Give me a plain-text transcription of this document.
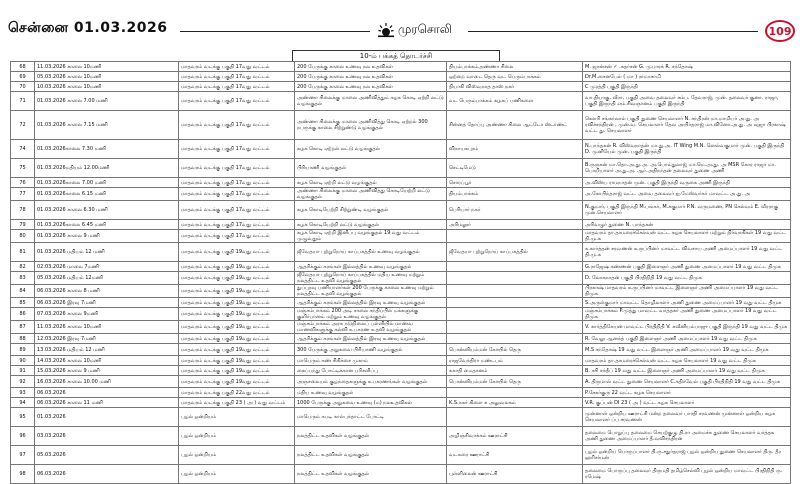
சென்னை 01.03.2026	முரசொலி	109
10-ம் பக்கத் தொடர்ச்சி
68	11.03.2026 காலை 10மணி	மாதவரம் வடக்கு பகுதி 17வது வட்டம்	200 பேருக்கு காலை உணவு நல உதவிகள்	தியம்பாக்கம்அண்ணா சிலை	M. ஜான்சன் ✓ .சுதர்சன் G. முபாரக் R. சந்தோஷ்
69	05.03.2026 காலை 10மணி	மாதவரம் வடக்கு பகுதி 17வது வட்டம்	200 பேருக்கு காலை உணவு நல உதவிகள்	ஒற்றை வாடை தெரு வட பெரும்பாக்கம்	Dr.M.சைனபேல் ( மா ) ராமாசாமி
70	10.03.2026 காலை 10மணி	மாதவரம் வடக்கு பகுதி 17வது வட்டம்	200 பேருக்கு காலை உணவு நல உதவிகள்	தியாகி விஸ்வநாத தாஸ் நகர்	C முரத்தி பகுதி இருந்தி
71	01.03.2026 காலை 7.00 மணி	மாதவரம் வடக்கு பகுதி 17வது வட்டம்	அண்ணா சிலைக்கு மாலை அணிவித்தும் கழக கொடி ஏற்றி லட்டு வழங்குதல்	வட பெரும்பாக்கம் கழகப் பணிகளை	வா.தியாகு, வீரா, பகுதி அவை தலைவர் சம்ப. தேவராஜ், முன். தலைவர் குனா. ராஜா, பகுதி இருந்தி எம்.சிவஞானம் பகுதி இருந்தி
72	01.03.2026 காலை 7.15 மணி	மாதவரம் வடக்கு பகுதி 17வது வட்டம்	அண்ணா சிலைக்கு மாலை அணிவித்து கொடி ஏற்றல் 300 நபருக்கு காலை சிற்றுண்டு வழங்குதல்	சின்னத் தோப்பு அண்ணா சிலை ஆட்டோ ஸ்டாண்ட்	கௌரி சங்கர்லால் பகுதி துணை செயலாளர் N. சந்திரன் மா.மாமியர் அ.து. அ ரவிச்சந்திரன் , முன்.வ. செயலாளர் தேவ அயிர்தராஜ் மா.வினோ.அ.து. அ வுஜா பிரகாஷ் வட்ட து. செயலாளர்
74	01.03.2026காலை 7.30 மணி	மாதவரம் வடக்கு பகுதி 17வது வட்டம்	கழக கொடி ஏற்றல் லட்டு வழங்குதல்	விநாயகபுரம்	N.பாந்தகன் R. விஸ்வநாதன் மா.து.அ. IT Wing M.N. ஸெல்வகுமார் முன். பகுதி இருந்தி D. முனியேல் முன். பகுதி இருந்தி
75	01.03.2026மதியம் 12.00மணி	மாதவரம் வடக்கு பகுதி 17வது வட்டம்	பிரியாணி வழங்குதல்	செட்டிமேடு	B.ருருகன் மா.தொ.அ.து.அ. அ.பொம்துலாஜ் மா.மெ.அ.து. அ MSR கோர ராஜா மா. பொறியாளர் அ.து.அ. ஆர்.அதிநந்தன் தலைவர் துணை அணி
76	01.03.2026காலை 7.00 மணி	மாதவரம் வடக்கு பகுதி 17வது வட்டம்	கழக கொடி ஏற்றி லட்டு வழங்குதல்	சொரப்பூர்	அ.விஸ்ய ராமநாதன் முன். பகுதி இருந்தி வருகை அணி இருந்தி
77	01.03.2026காலை 6.15 மணி	மாதவரம் வடக்கு பகுதி 17வது வட்டம்	அண்ணா சிலைக்கு மாலை அணிவித்து கொடியேற்றி லட்டு வழங்குதல்	தியம்பாக்கம்	அ.கோபிந்தராஜ் வட்ட அவை தலைவர் ஐ.மேஸ்வர்கர் மாவட்ட அ.து. அ
78	01.03.2026 காலை 6.30 மணி	மாதவரம் வடக்கு பகுதி 17வது வட்டம்	கழக கொடியேற்றி சிற்றுண்டி வழங்குதல்	பெரியார் நகர்	N.குமார், பகுதி இருந்தி M.பங்கர், M.சுகுமார் P.N. வருமணை, PN செல்வம் E. வீரராகு முன்.செயலாளர்
79	01.03.2026காலை 6.45 மணி	மாதவரம் வடக்கு பகுதி 17வது வட்டம்	கழக கொடியேற்றி லட்டு வழங்குதல்	அரிமலூர்	அரிவழுர் துணை N. பாந்தகன்
80	01.03.2026 காலை 9 மணி	மாதவரம் வடக்கு பகுதி 17வது வட்டம்	கழக கொடி ஏற்றி இனிப்பு வழங்குதல் 19 வது வட்டம் முழுவதும்		மாதவரம் தா.தாமரைச்செல்வன் வட்ட கழக செயலாளர் மற்றும் நிர்வாகிகள் 19 வது வட்ட தி.மு.க
81	01.03.2026 மதியம் 12 மணி	மாதவரம் வடக்கு பகுதி 19வது வட்டம்	ஜீவேதயா புற்றுநோய் காப்பகத்தில் உணவு வழங்குதல்	ஜீவேதயா புற்றுநோய் காப்பகத்தில்	க.கார்த்தன் சரவணன் உருப்பினர் மாவட்ட விவசாய அணி அமைப்பாளர் 19 வது வட்ட தி.மு.க
82	02.03.2026 மாலை 7மணி	மாதவரம் வடக்கு பகுதி 19வது வட்டம்	ஆதரிக்கும் கரங்கள் இல்லத்தில் உணவு வழங்குதல்		G.ராஜேஷ் கண்ணன் பகுதி இளைஞர் அணி துணை அமைப்பாளர் 19 வது வட்ட திமுக
83	05.03.2026 மதியம் 12மணி	மாதவரம் வடக்கு பகுதி 19வது வட்டம்	ஜீவேதயா புற்றுநோய் காப்பகத்தில் மதிய உணவு மற்றும் நலத்திட்ட உதவி வழங்குதல்		D. லோகநாதன் பகுதி பிரதிநிதி 19 வது வட்ட திமுக
84	06.03.2026 காலை 8 மணி	மாதவரம் வடக்கு பகுதி 19வது வட்டம்	துப்புரவு பணியாளர்கள் 200 பேருக்கு காலை உணவு மற்றும் நலத்திட்ட உதவி வழங்குதல்		பிரகாஷ் மாதவரம் உருப்பினர் மாவட்ட இளைஞர் அணி அமைப்பாளர் 19 வது வட்ட திமுக
85	06.03.2026 இரவு 7மணி	மாதவரம் வடக்கு பகுதி 19வது வட்டம்	ஆதரிக்கும் கரங்கள் இல்லத்தில் இரவு உணவு வழங்குதல்		S.அருள்குமார் மாவட்ட தொழிலாளர் அணி துணை அமைப்பாளர் 19 வது வட்ட திமுக
86	07.03.2026 காலை 9மணி	மாதவரம் வடக்கு பகுதி 19வது வட்டம்	மஞ்சம்பாக்கம் 200 அடி சாலை சந்திப்பில் மக்களுக்கு குளிர்பானம் மற்றும் உணவு வழங்குதல்		மஞ்சம்பாக்கம் P.முத்து மாவட்ட வர்த்தகர் அணி துணை அமைப்பாளர் 19 வது வட்ட திமுக
87	11.03.2026 காலை 10மணி	மாதவரம் வடக்கு பகுதி 19வது வட்டம்	மஞ்சம்பாக்கம் அரசு நடுநிலைப் பள்ளியில் மாணவ மாணவிகளுக்கு கல்வி உபகரண உதவி வழங்குதல்		V. கார்த்திகேயன் மாவட்ட பிரதிநிதி V. சுவீனியம்பாஜு பகுதி இருந்தி 19 வது வட்ட திமுக
88	12.03.2026 இரவு 7மணி	மாதவரம் வடக்கு பகுதி 19வது வட்டம்	ஆதரிக்கும் கரங்கள் இல்லத்தில் இரவு உணவு வழங்குதல்		R. வேலு ஆனந்த் பகுதி இளைஞர் அணி அமைப்பாளர் 19 வது வட்ட திமுக
89	13.03.2026 மதியம் 12 மணி	மாதவரம் வடக்கு பகுதி 19வது வட்டம்	300 பேருக்கு அறுசுவை பிரியாணி வழங்குதல்	பொன்னியம்மன் கோயில் தெரு	M.S சந்தோஷ் 19 வது வட்ட இளைஞர் அணி அமைப்பாளர் 19 வது வட்ட திமுக
90	14.03.2026 காலை 10மணி	மாதவரம் வடக்கு பகுதி 19வது வட்டம்	மாபெரும் கண் சிகிச்சை முகாம்	ராஜவேந்திரா மண்டபம்	மாதவரம் தா.தாமரைச்செல்வன் வட்ட கழக செயலாளர் 19 வது வட்ட திமுக
91	15.03.2026 காலை 9 மணி	மாதவரம் வடக்கு பகுதி 19வது வட்டம்	கைப்பந்து போட்டிக்கான பரிசளிப்பு	சுகாதி மைதானம்	B. சசி சந்தீப் 19 வது வட்ட இளைஞர் அணி அமைப்பாளர் 19 வது வட்ட திமுக
92	16.03.2026 காலை 10.00 மணி	மாதவரம் வடக்கு பகுதி 19வது வட்டம்	அஞ்சலையம் குழந்தைகளுக்கு உபகரணங்கள் வழங்குதல்	பொன்னியம்மன் கோயில் தெரு	A. திருமால் வட்ட துணை செயலாளர் C.கதிர்வேல் பகுதி பிரதிநிதி 19 வது வட்ட திமுக
93	06.03.2026	மாதவரம் வடக்கு பகுதி 22வது வட்டம்	மதிய உணவு வழங்குதல்		P.சேகர்குரு 22 வட்ட கழக செயலாளர்
94	06.03.2026 காலை 11 மணி	மாதவரம் வடக்கு பகுதி 23 ( அ ) வது வட்டம்	1000 பேருக்கு அறுசுவை உணவு (ம) நலஉதவிகள்	K.S.நகர் கிளை க அலுவலகம்	V.R. குப்பன் DI 23 ( அ ) வட்ட கழக செயலாளர்
95	01.03.2026	புழல் ஒன்றியம்	மாபெரும் கபடி கால்பந்தாட்ட போட்டி		முன்னாள் ஒன்றிய ஊராட்சி மன்ற தலைவர் பாரதி சரவணன் முன்னாள் ஒன்றிய கழக செயலாளர் ப்ப சரவணன்
96	03.03.2026	புழல் ஒன்றியம்	நலத்திட்ட உதவிகள் வழங்குதல்	அழிஞ்சிவாக்கம் ஊராட்சி	தலைமை பொறுப்பு தலைமை செயற்குழு தி.ரா அமைச்சு துணை செயலாளர் வர்த்தக அணி துணை அமைப்பாளர் தீ.வவிசந்திரன்
97	05.03.2026	புழல் ஒன்றியம்	நலத்திட்ட உதவிகள் வழங்குதல்	வடகரை ஊராட்சி	புழல் ஒன்றிய பொருப்பாளர் தி.ரு.சதுர்தராஜ் புழல் ஒன்றிய துணை செயலாளர் திரு. தீர ஹரிசர்மன்
98	06.03.2026	புழல் ஒன்றியம்	நலத்திட்ட உதவிகள் வழங்குதல்	புள்ளிலைன் ஊராட்சி	தலைமை பொருப்பு தலைவர் திருமதி தமிழ்செல்வி புழல் ஒன்றிய மாவட்ட பிரதிநிதி ரு. ரமேஷ்
